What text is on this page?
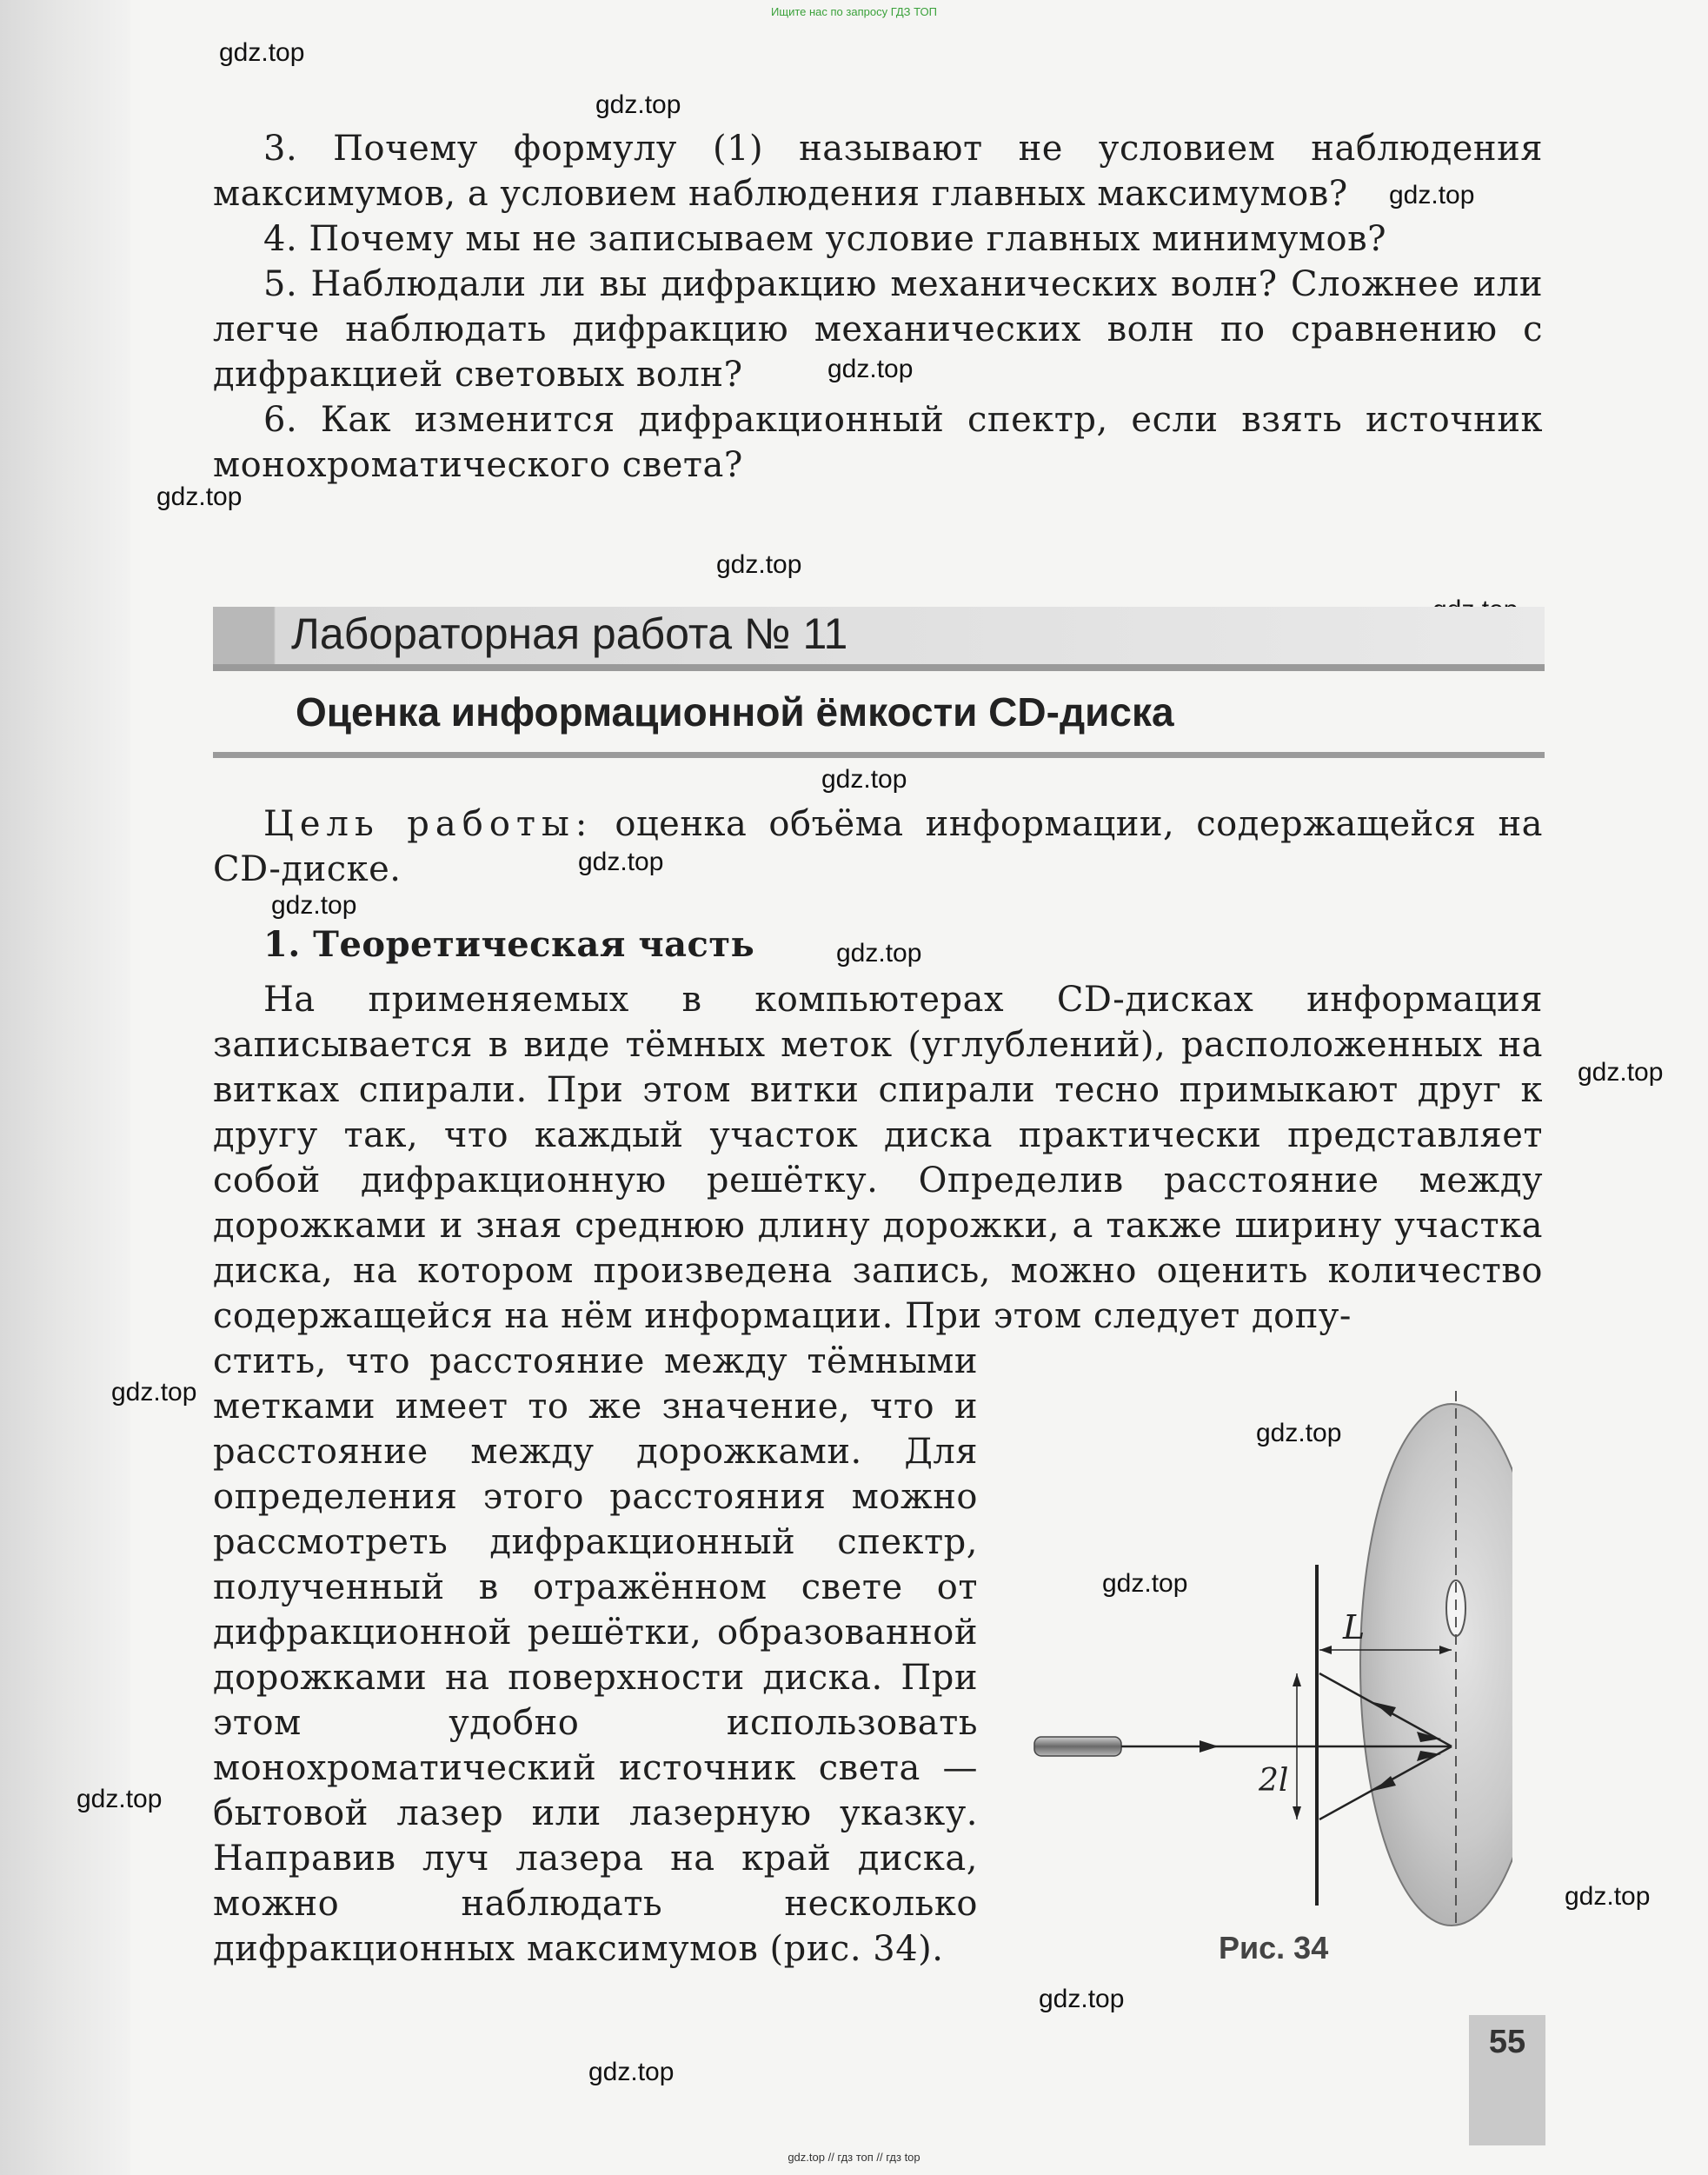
Ищите нас по запросу ГДЗ ТОП
gdz.top
gdz.top
gdz.top
gdz.top
gdz.top
gdz.top
gdz.top
gdz.top
gdz.top
gdz.top
gdz.top
gdz.top
gdz.top
gdz.top
gdz.top
gdz.top
gdz.top
gdz.top
3. Почему формулу (1) называют не условием наблюдения максимумов, а условием наблюдения главных максимумов?
4. Почему мы не записываем условие главных минимумов?
5. Наблюдали ли вы дифракцию механических волн? Сложнее или легче наблюдать дифракцию механических волн по сравнению с дифракцией световых волн?
6. Как изменится дифракционный спектр, если взять источник монохроматического света?
Лабораторная работа № 11
Оценка информационной ёмкости CD-диска
Цель работы: оценка объёма информации, содержащейся на CD-диске.
1. Теоретическая часть
На применяемых в компьютерах CD-дисках информация записывается в виде тёмных меток (углублений), расположенных на витках спирали. При этом витки спирали тесно примыкают друг к другу так, что каждый участок диска практически представляет собой дифракционную решётку. Определив расстояние между дорожками и зная среднюю длину дорожки, а также ширину участка диска, на котором произведена запись, можно оценить количество содержащейся на нём информации. При этом следует допу-
стить, что расстояние между тёмными метками имеет то же значение, что и расстояние между дорожками. Для определения этого расстояния можно рассмотреть дифракционный спектр, полученный в отражённом свете от дифракционной решётки, образованной дорожками на поверхности диска. При этом удобно использовать монохроматический источник света — бытовой лазер или лазерную указку. Направив луч лазера на край диска, можно наблюдать несколько дифракционных максимумов (рис. 34).
L
2l
Рис. 34
55
gdz.top // гдз топ // гдз top
